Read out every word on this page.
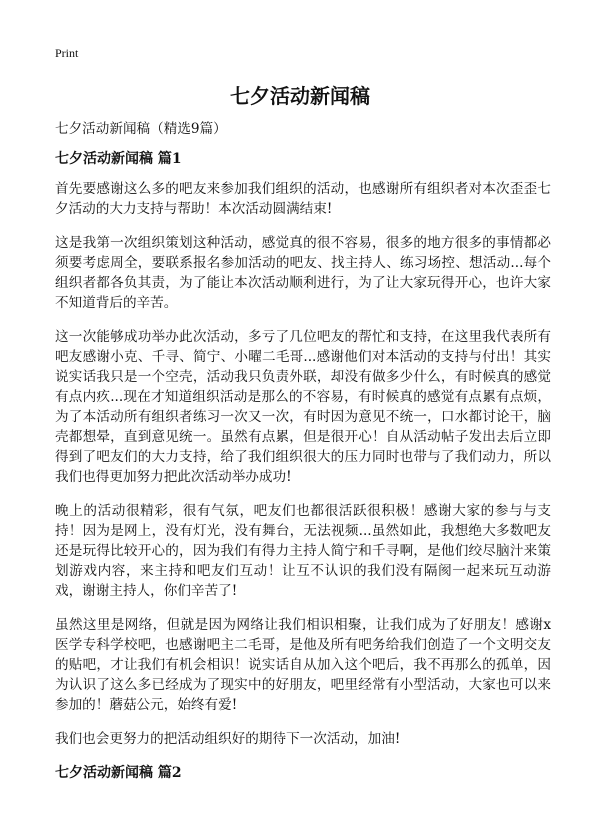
Print
七夕活动新闻稿
七夕活动新闻稿（精选9篇）
七夕活动新闻稿 篇1

首先要感谢这么多的吧友来参加我们组织的活动，也感谢所有组织者对本次歪歪七夕活动的大力支持与帮助！本次活动圆满结束!

这是我第一次组织策划这种活动，感觉真的很不容易，很多的地方很多的事情都必须要考虑周全，要联系报名参加活动的吧友、找主持人、练习场控、想活动...每个组织者都各负其责，为了能让本次活动顺利进行，为了让大家玩得开心，也许大家不知道背后的辛苦。

这一次能够成功举办此次活动，多亏了几位吧友的帮忙和支持，在这里我代表所有吧友感谢小克、千寻、简宁、小曜二毛哥...感谢他们对本活动的支持与付出！其实说实话我只是一个空壳，活动我只负责外联，却没有做多少什么，有时候真的感觉有点内疚...现在才知道组织活动是那么的不容易，有时候真的感觉有点累有点烦，为了本活动所有组织者练习一次又一次，有时因为意见不统一，口水都讨论干，脑壳都想晕，直到意见统一。虽然有点累，但是很开心！自从活动帖子发出去后立即得到了吧友们的大力支持，给了我们组织很大的压力同时也带与了我们动力，所以我们也得更加努力把此次活动举办成功!

晚上的活动很精彩，很有气氛，吧友们也都很活跃很积极！感谢大家的参与与支持！因为是网上，没有灯光，没有舞台，无法视频...虽然如此，我想绝大多数吧友还是玩得比较开心的，因为我们有得力主持人简宁和千寻啊，是他们绞尽脑汁来策划游戏内容，来主持和吧友们互动！让互不认识的我们没有隔阂一起来玩互动游戏，谢谢主持人，你们辛苦了!

虽然这里是网络，但就是因为网络让我们相识相聚，让我们成为了好朋友！感谢x医学专科学校吧，也感谢吧主二毛哥，是他及所有吧务给我们创造了一个文明交友的贴吧，才让我们有机会相识！说实话自从加入这个吧后，我不再那么的孤单，因为认识了这么多已经成为了现实中的好朋友，吧里经常有小型活动，大家也可以来参加的！蘑菇公元，始终有爱!

我们也会更努力的把活动组织好的期待下一次活动，加油!

七夕活动新闻稿 篇2
